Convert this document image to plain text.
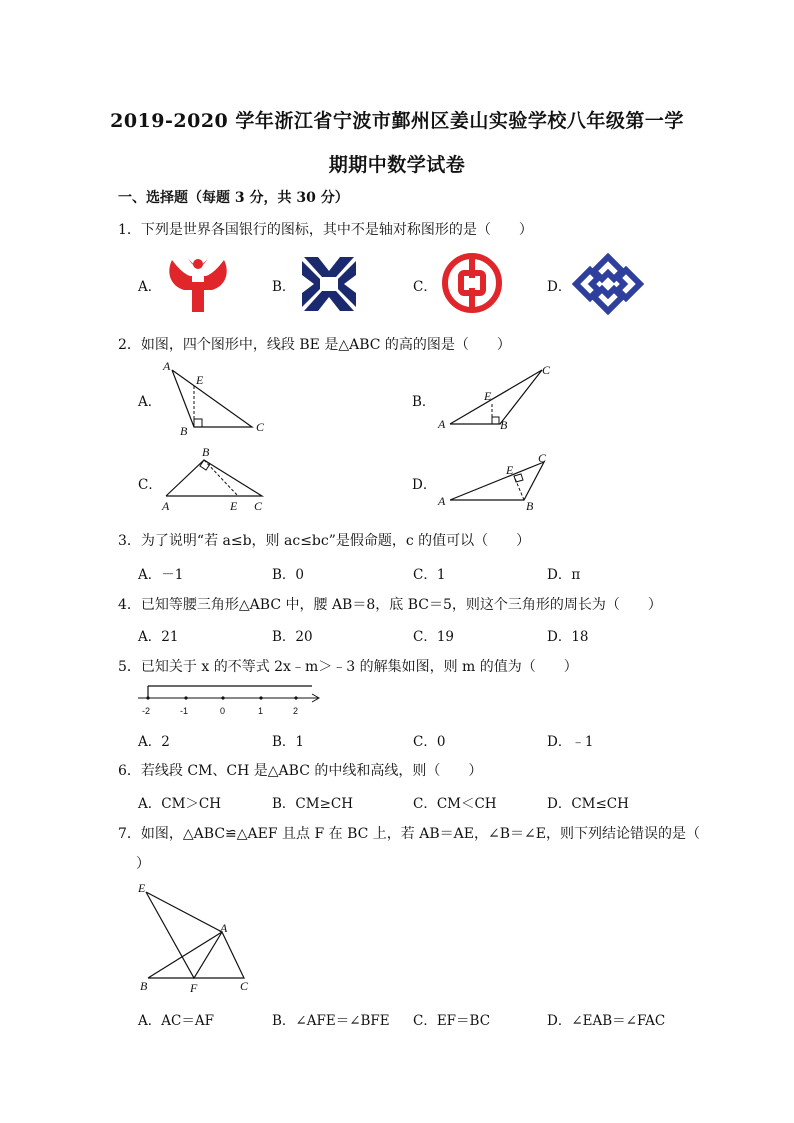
2019-2020 学年浙江省宁波市鄞州区姜山实验学校八年级第一学
期期中数学试卷
一、选择题（每题 3 分，共 30 分）
1．下列是世界各国银行的图标，其中不是轴对称图形的是（　　）
A．	B．	C．	D．
2．如图，四个图形中，线段 BE 是△ABC 的高的图是（　　）
A．	B．
C．	D．
A
E
B	C	A
E
B
C
B
A	E C	A
E
B
C
3．为了说明“若 a≤b，则 ac≤bc”是假命题，c 的值可以（　　）
A．－1	B．0	C．1	D．π
4．已知等腰三角形△ABC 中，腰 AB＝8，底 BC＝5，则这个三角形的周长为（　　）
A．21	B．20	C．19	D．18
5．已知关于 x 的不等式 2x﹣m＞﹣3 的解集如图，则 m 的值为（　　）
-2	-1	0	1	2
A．2	B．1	C．0	D．﹣1
6．若线段 CM、CH 是△ABC 的中线和高线，则（　　）
A．CM＞CH	B．CM≥CH	C．CM＜CH	D．CM≤CH
7．如图，△ABC≌△AEF 且点 F 在 BC 上，若 AB＝AE，∠B＝∠E，则下列结论错误的是（
）
E
A
B	F	C
A．AC＝AF	B．∠AFE＝∠BFE C．EF＝BC	D．∠EAB＝∠FAC
